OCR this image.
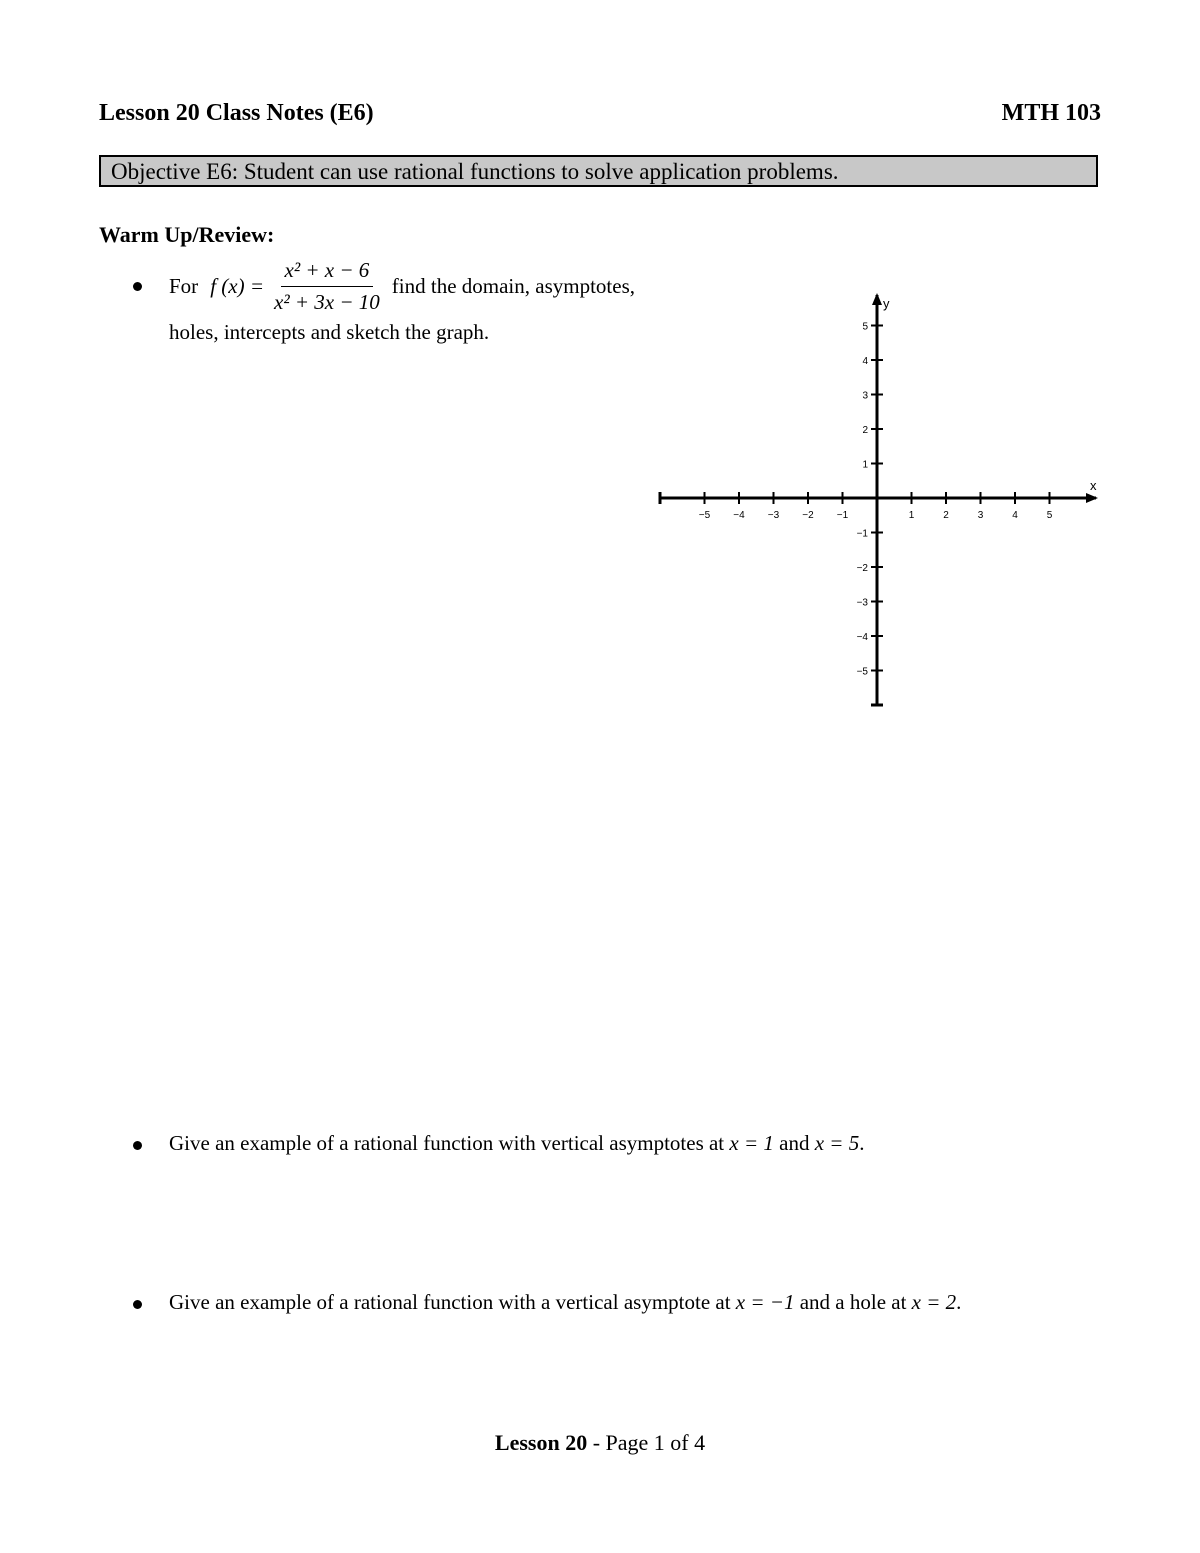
Lesson 20 Class Notes (E6)	MTH 103
Objective E6: Student can use rational functions to solve application problems.
Warm Up/Review:
For f $(x) = \frac{\text{x² + x − 6}}{\text{x² + 3x − 10}}$ find the domain, asymptotes,
holes, intercepts and sketch the graph.
−5 −4 −3 −2 −1	1	2	3	4	5
5
4
3
2
1
−1
−2
−3
−4
−5
x
y
Give an example of a rational function with vertical asymptotes at x = 1 and x = 5.
Give an example of a rational function with a vertical asymptote at x = −1 and a hole at x = 2.
Lesson 20 - Page 1 of 4
